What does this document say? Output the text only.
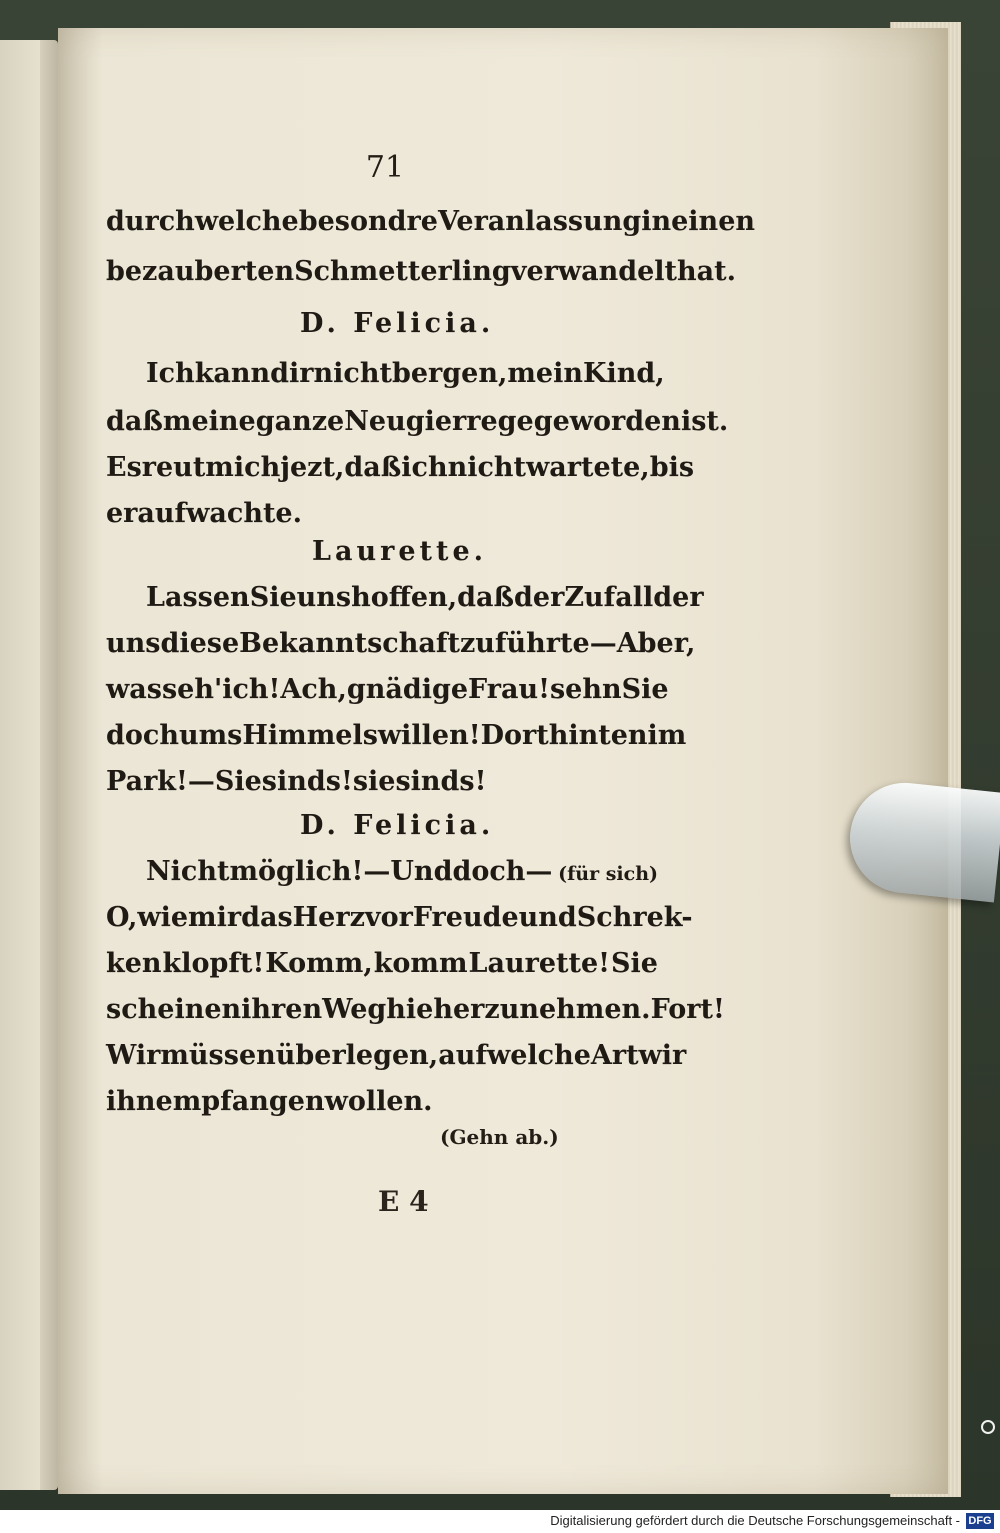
71
durch welche besondre Veranlassung in einen
bezauberten Schmetterling verwandelt hat.
D. Felicia.
Ich kann dir nicht bergen, mein Kind,
daß meine ganze Neugier rege geworden ist.
Es reut mich jezt, daß ich nicht wartete, bis
er aufwachte.
Laurette.
Lassen Sie uns hoffen, daß der Zufall der
uns diese Bekanntschaft zuführte — Aber,
was seh' ich! Ach, gnädige Frau! sehn Sie
doch ums Himmelswillen! Dort hinten im
Park! — Sie sinds! sie sinds!
D. Felicia.
Nicht möglich! — Und doch — (für sich)
O, wie mir das Herz vor Freude und Schrek-
ken klopft! Komm, komm Laurette! Sie
scheinen ihren Weg hieher zu nehmen. Fort!
Wir müssen überlegen, auf welche Art wir
ihn empfangen wollen.
(Gehn ab.)
E 4
Digitalisierung gefördert durch die Deutsche Forschungsgemeinschaft - DFG
